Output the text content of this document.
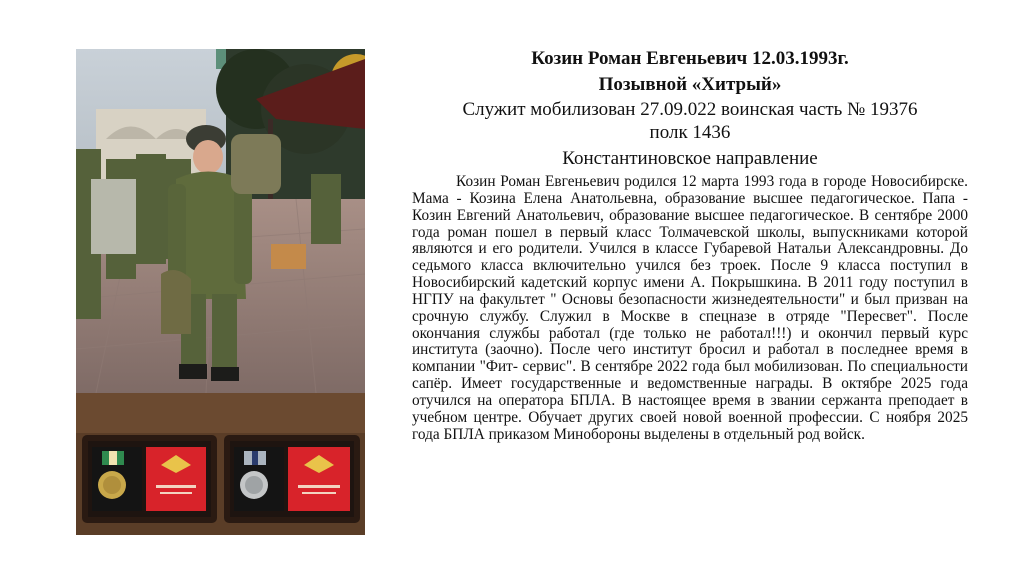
Козин Роман Евгеньевич 12.03.1993г.

Позывной «Хитрый»

Служит мобилизован 27.09.022 воинская часть № 19376

полк 1436

Константиновское направление

Козин Роман Евгеньевич родился 12 марта 1993 года в городе Новосибирске. Мама - Козина Елена Анатольевна, образование высшее педагогическое. Папа - Козин Евгений Анатольевич, образование высшее педагогическое. В сентябре 2000 года роман пошел в первый класс Толмачевской школы, выпускниками которой являются и его родители. Учился в классе Губаревой Натальи Александровны. До седьмого класса включительно учился без троек. После 9 класса поступил в Новосибирский кадетский корпус имени А. Покрышкина. В 2011 году поступил в НГПУ на факультет " Основы безопасности жизнедеятельности" и был призван на срочную службу. Служил в Москве в спецназе в отряде "Пересвет". После окончания службы работал (где только не работал!!!) и окончил первый курс института (заочно). После чего институт бросил и работал в последнее время в компании "Фит- сервис". В сентябре 2022 года был мобилизован. По специальности сапёр. Имеет государственные и ведомственные награды. В октябре 2025 года отучился на оператора БПЛА. В настоящее время в звании сержанта преподает в учебном центре. Обучает других своей новой военной профессии. С ноября 2025 года БПЛА приказом Минобороны выделены в отдельный род войск.
